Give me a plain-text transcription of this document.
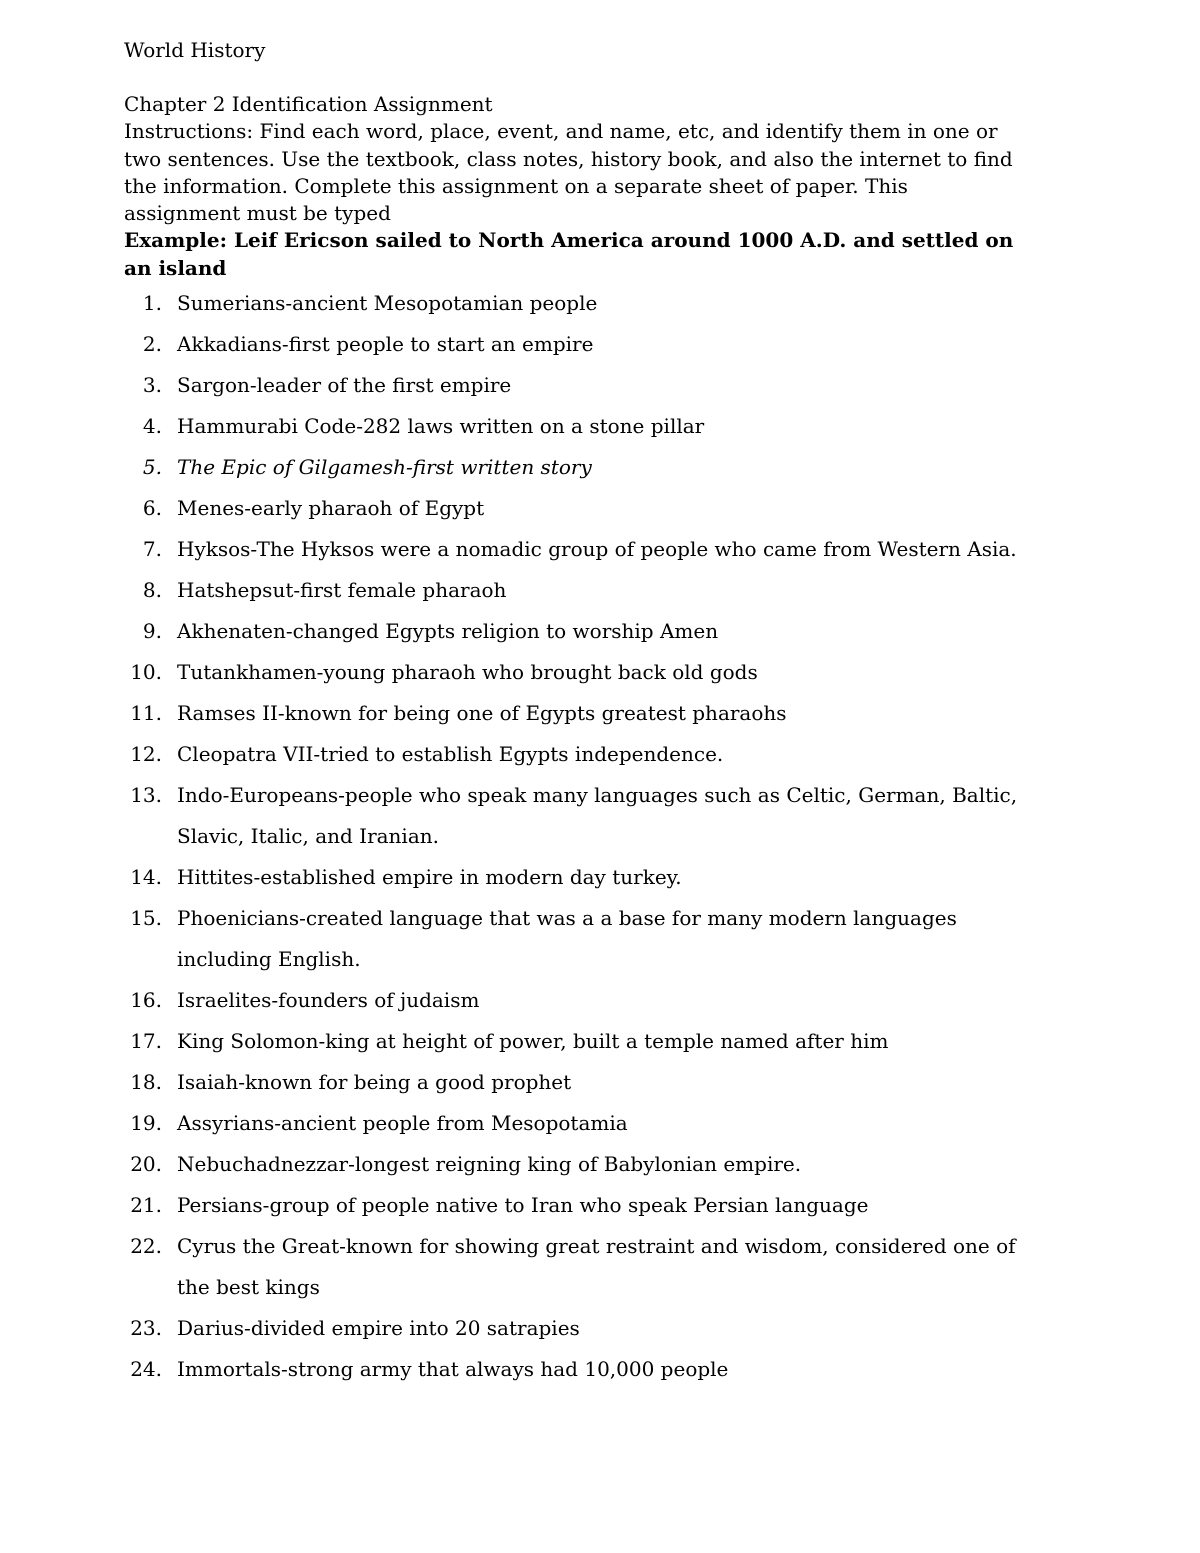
World History

Chapter 2 Identification Assignment

Instructions: Find each word, place, event, and name, etc, and identify them in one or two sentences. Use the textbook, class notes, history book, and also the internet to find the information. Complete this assignment on a separate sheet of paper. This assignment must be typed

Example: Leif Ericson sailed to North America around 1000 A.D. and settled on an island

1. Sumerians-ancient Mesopotamian people
2. Akkadians-first people to start an empire
3. Sargon-leader of the first empire
4. Hammurabi Code-282 laws written on a stone pillar
5. The Epic of Gilgamesh-first written story
6. Menes-early pharaoh of Egypt
7. Hyksos-The Hyksos were a nomadic group of people who came from Western Asia.
8. Hatshepsut-first female pharaoh
9. Akhenaten-changed Egypts religion to worship Amen
10. Tutankhamen-young pharaoh who brought back old gods
11. Ramses II-known for being one of Egypts greatest pharaohs
12. Cleopatra VII-tried to establish Egypts independence.
13. Indo-Europeans-people who speak many languages such as Celtic, German, Baltic, Slavic, Italic, and Iranian.
14. Hittites-established empire in modern day turkey.
15. Phoenicians-created language that was a a base for many modern languages including English.
16. Israelites-founders of judaism
17. King Solomon-king at height of power, built a temple named after him
18. Isaiah-known for being a good prophet
19. Assyrians-ancient people from Mesopotamia
20. Nebuchadnezzar-longest reigning king of Babylonian empire.
21. Persians-group of people native to Iran who speak Persian language
22. Cyrus the Great-known for showing great restraint and wisdom, considered one of the best kings
23. Darius-divided empire into 20 satrapies
24. Immortals-strong army that always had 10,000 people
